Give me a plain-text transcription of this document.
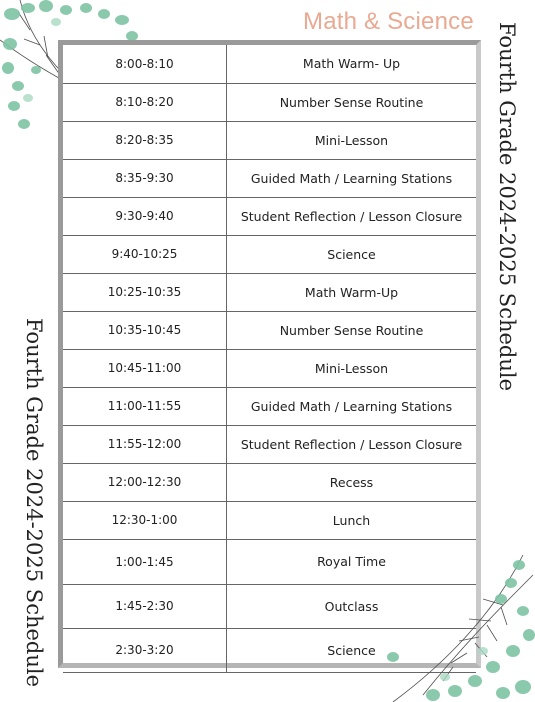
Math & Science
8:00-8:10	Math Warm- Up
8:10-8:20	Number Sense Routine
8:20-8:35	Mini-Lesson
8:35-9:30	Guided Math / Learning Stations
9:30-9:40	Student Reflection / Lesson Closure
9:40-10:25	Science
10:25-10:35	Math Warm-Up
10:35-10:45	Number Sense Routine
10:45-11:00	Mini-Lesson
11:00-11:55	Guided Math / Learning Stations
11:55-12:00	Student Reflection / Lesson Closure
12:00-12:30	Recess
12:30-1:00	Lunch
1:00-1:45	Royal Time
1:45-2:30	Outclass
2:30-3:20	Science
Fourth Grade 2024-2025 Schedule
Fourth Grade 2024-2025 Schedule
